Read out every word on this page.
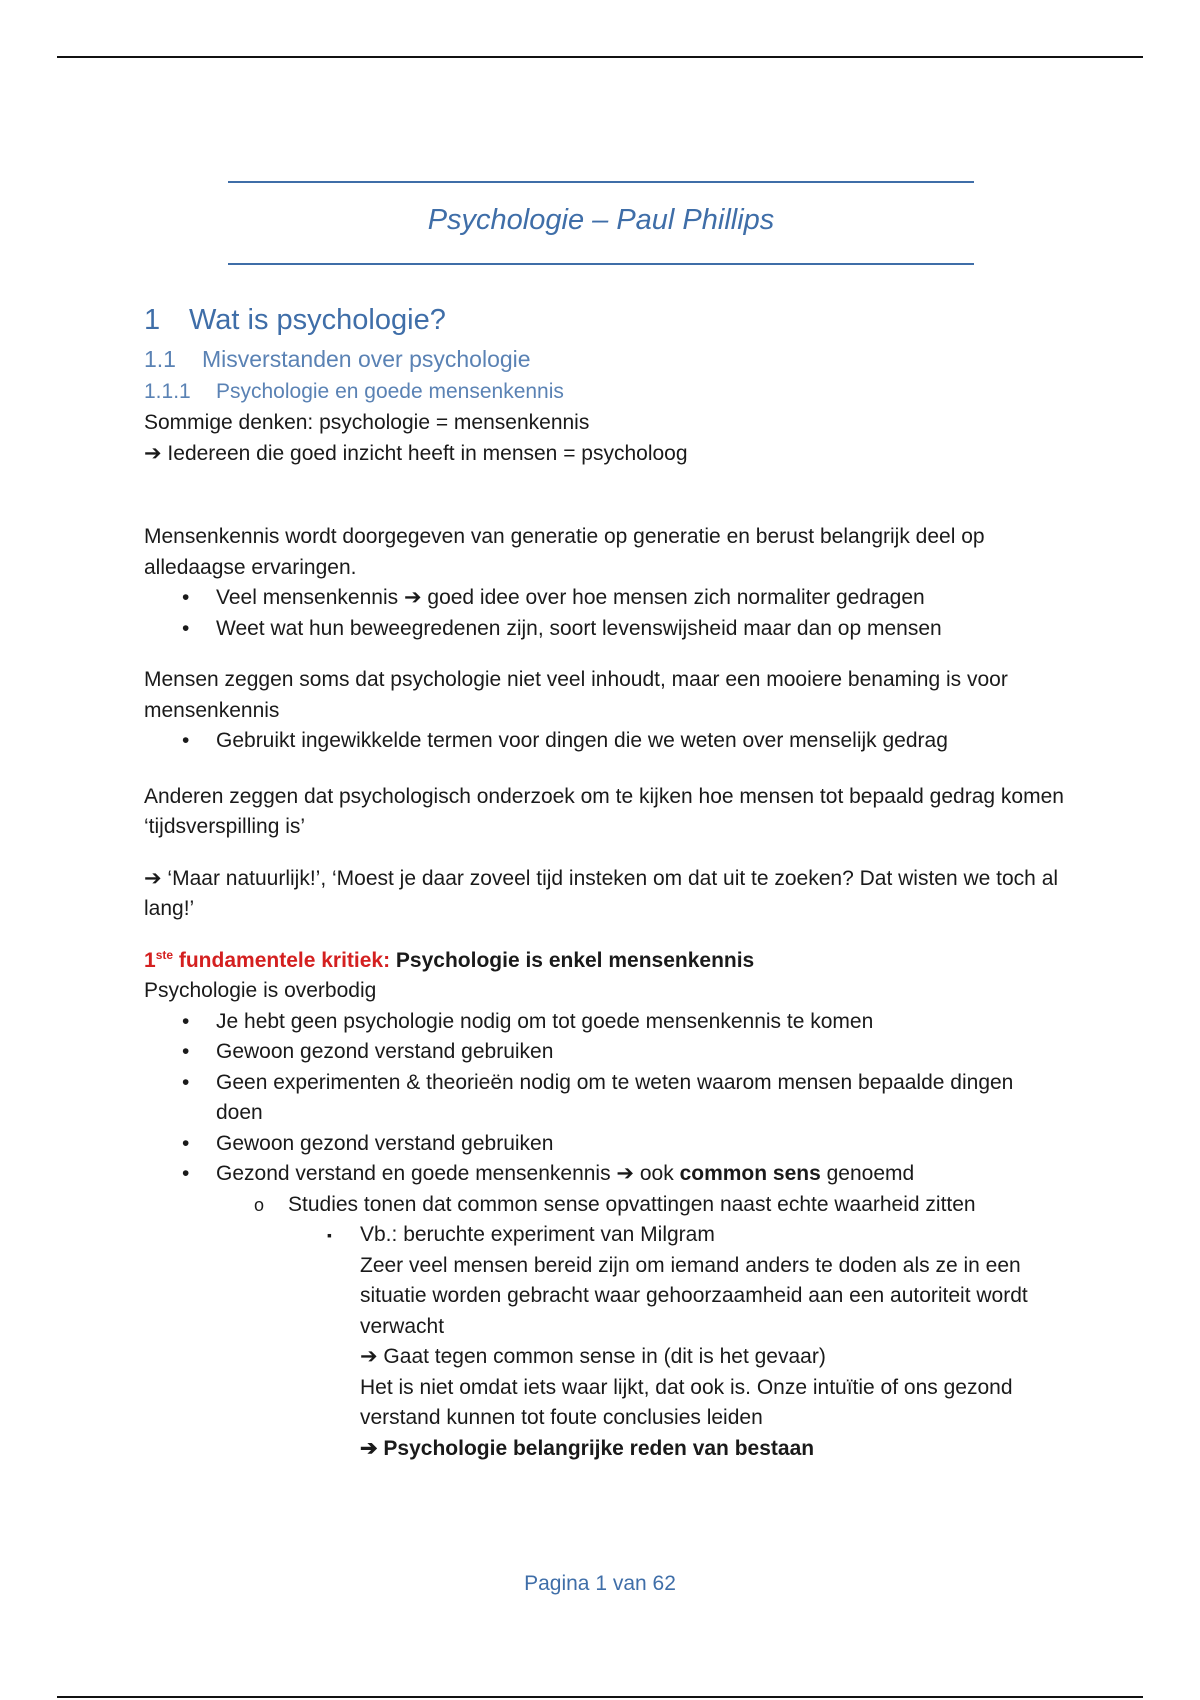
Psychologie – Paul Phillips
1 Wat is psychologie?
1.1 Misverstanden over psychologie
1.1.1 Psychologie en goede mensenkennis

Sommige denken: psychologie = mensenkennis

➔ Iedereen die goed inzicht heeft in mensen = psycholoog

Mensenkennis wordt doorgegeven van generatie op generatie en berust belangrijk deel op alledaagse ervaringen.

• Veel mensenkennis ➔ goed idee over hoe mensen zich normaliter gedragen
• Weet wat hun beweegredenen zijn, soort levenswijsheid maar dan op mensen

Mensen zeggen soms dat psychologie niet veel inhoudt, maar een mooiere benaming is voor mensenkennis

• Gebruikt ingewikkelde termen voor dingen die we weten over menselijk gedrag

Anderen zeggen dat psychologisch onderzoek om te kijken hoe mensen tot bepaald gedrag komen ‘tijdsverspilling is’

➔ ‘Maar natuurlijk!’, ‘Moest je daar zoveel tijd insteken om dat uit te zoeken? Dat wisten we toch al lang!’

1ste fundamentele kritiek: Psychologie is enkel mensenkennis

Psychologie is overbodig

• Je hebt geen psychologie nodig om tot goede mensenkennis te komen
• Gewoon gezond verstand gebruiken
• Geen experimenten & theorieën nodig om te weten waarom mensen bepaalde dingen doen
• Gewoon gezond verstand gebruiken
• Gezond verstand en goede mensenkennis ➔ ook common sens genoemd
o Studies tonen dat common sense opvattingen naast echte waarheid zitten
▪ Vb.: beruchte experiment van Milgram
Zeer veel mensen bereid zijn om iemand anders te doden als ze in een situatie worden gebracht waar gehoorzaamheid aan een autoriteit wordt verwacht
➔ Gaat tegen common sense in (dit is het gevaar)
Het is niet omdat iets waar lijkt, dat ook is. Onze intuïtie of ons gezond verstand kunnen tot foute conclusies leiden
➔ Psychologie belangrijke reden van bestaan
Pagina 1 van 62
